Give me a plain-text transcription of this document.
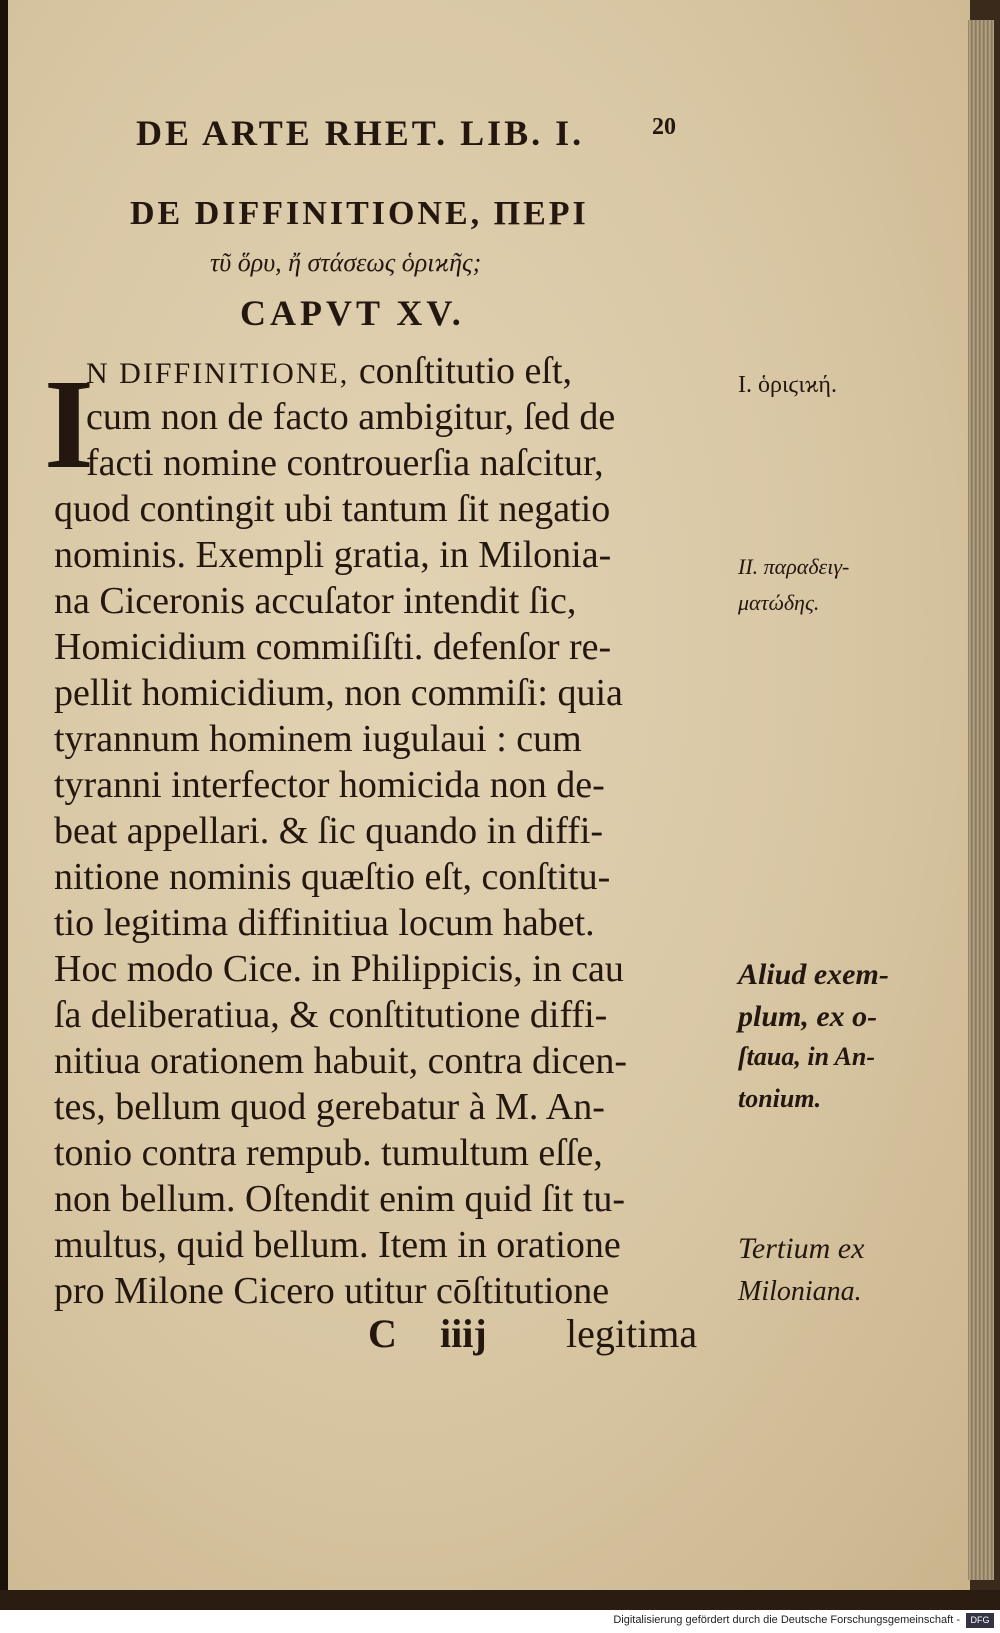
DE ARTE RHET. LIB. I.	20
DE DIFFINITIONE, ΠΕΡΙ
τῦ ὅρυ, ἤ στάσεως ὁριϰῆς;
CAPVT XV.
I
N DIFFINITIONE, conſtitutio eſt,
cum non de facto ambigitur, ſed de
facti nomine controuerſia naſcitur,
quod contingit ubi tantum ſit negatio
nominis. Exempli gratia, in Milonia-
na Ciceronis accuſator intendit ſic,
Homicidium commiſiſti. defenſor re-
pellit homicidium, non commiſi: quia
tyrannum hominem iugulaui : cum
tyranni interfector homicida non de-
beat appellari. & ſic quando in diffi-
nitione nominis quæſtio eſt, conſtitu-
tio legitima diffinitiua locum habet.
Hoc modo Cice. in Philippicis, in cau
ſa deliberatiua, & conſtitutione diffi-
nitiua orationem habuit, contra dicen-
tes, bellum quod gerebatur à M. An-
tonio contra rempub. tumultum eſſe,
non bellum. Oſtendit enim quid ſit tu-
multus, quid bellum. Item in oratione
pro Milone Cicero utitur cōſtitutione
I. ὁριϛιϰή.
II. παραδειγ-
ματώδης.
Aliud exem-
plum, ex o-
ſtaua, in An-
tonium.
Tertium ex
Miloniana.
C iiij legitima
Digitalisierung gefördert durch die Deutsche Forschungsgemeinschaft -	DFG
